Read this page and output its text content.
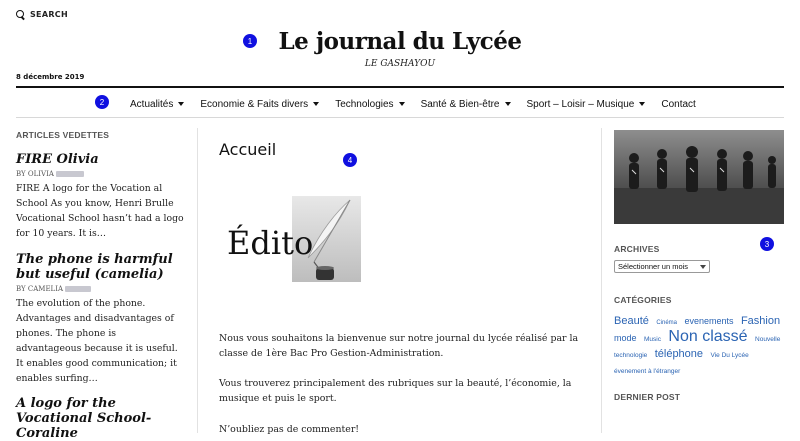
SEARCH
Le journal du Lycée
LE GASHAYOU
8 décembre 2019
1
2	Actualités	Economie & Faits divers	Technologies	Santé & Bien-être	Sport – Loisir – Musique	Contact
ARTICLES VEDETTES
FIRE Olivia
BY OLIVIA
FIRE A logo for the Vocation al School As you know, Henri Brulle Vocational School hasn’t had a logo for 10 years. It is…
The phone is harmful but useful (camelia)
BY CAMELIA
The evolution of the phone. Advantages and disadvantages of phones. The phone is advantageous because it is useful. It enables good communication; it enables surfing…
A logo for the Vocational School- Coraline
Accueil
4
Édito
Nous vous souhaitons la bienvenue sur notre journal du lycée réalisé par la classe de 1ère Bac Pro Gestion-Administration.
Vous trouverez principalement des rubriques sur la beauté, l’économie, la musique et puis le sport.
N’oubliez pas de commenter!
ARCHIVES
Sélectionner un mois
CATÉGORIES
Beauté Cinéma evenements Fashion
mode Music Non classé Nouvelle
technologie téléphone Vie Du Lycée évenement à l'étranger
DERNIER POST
3
